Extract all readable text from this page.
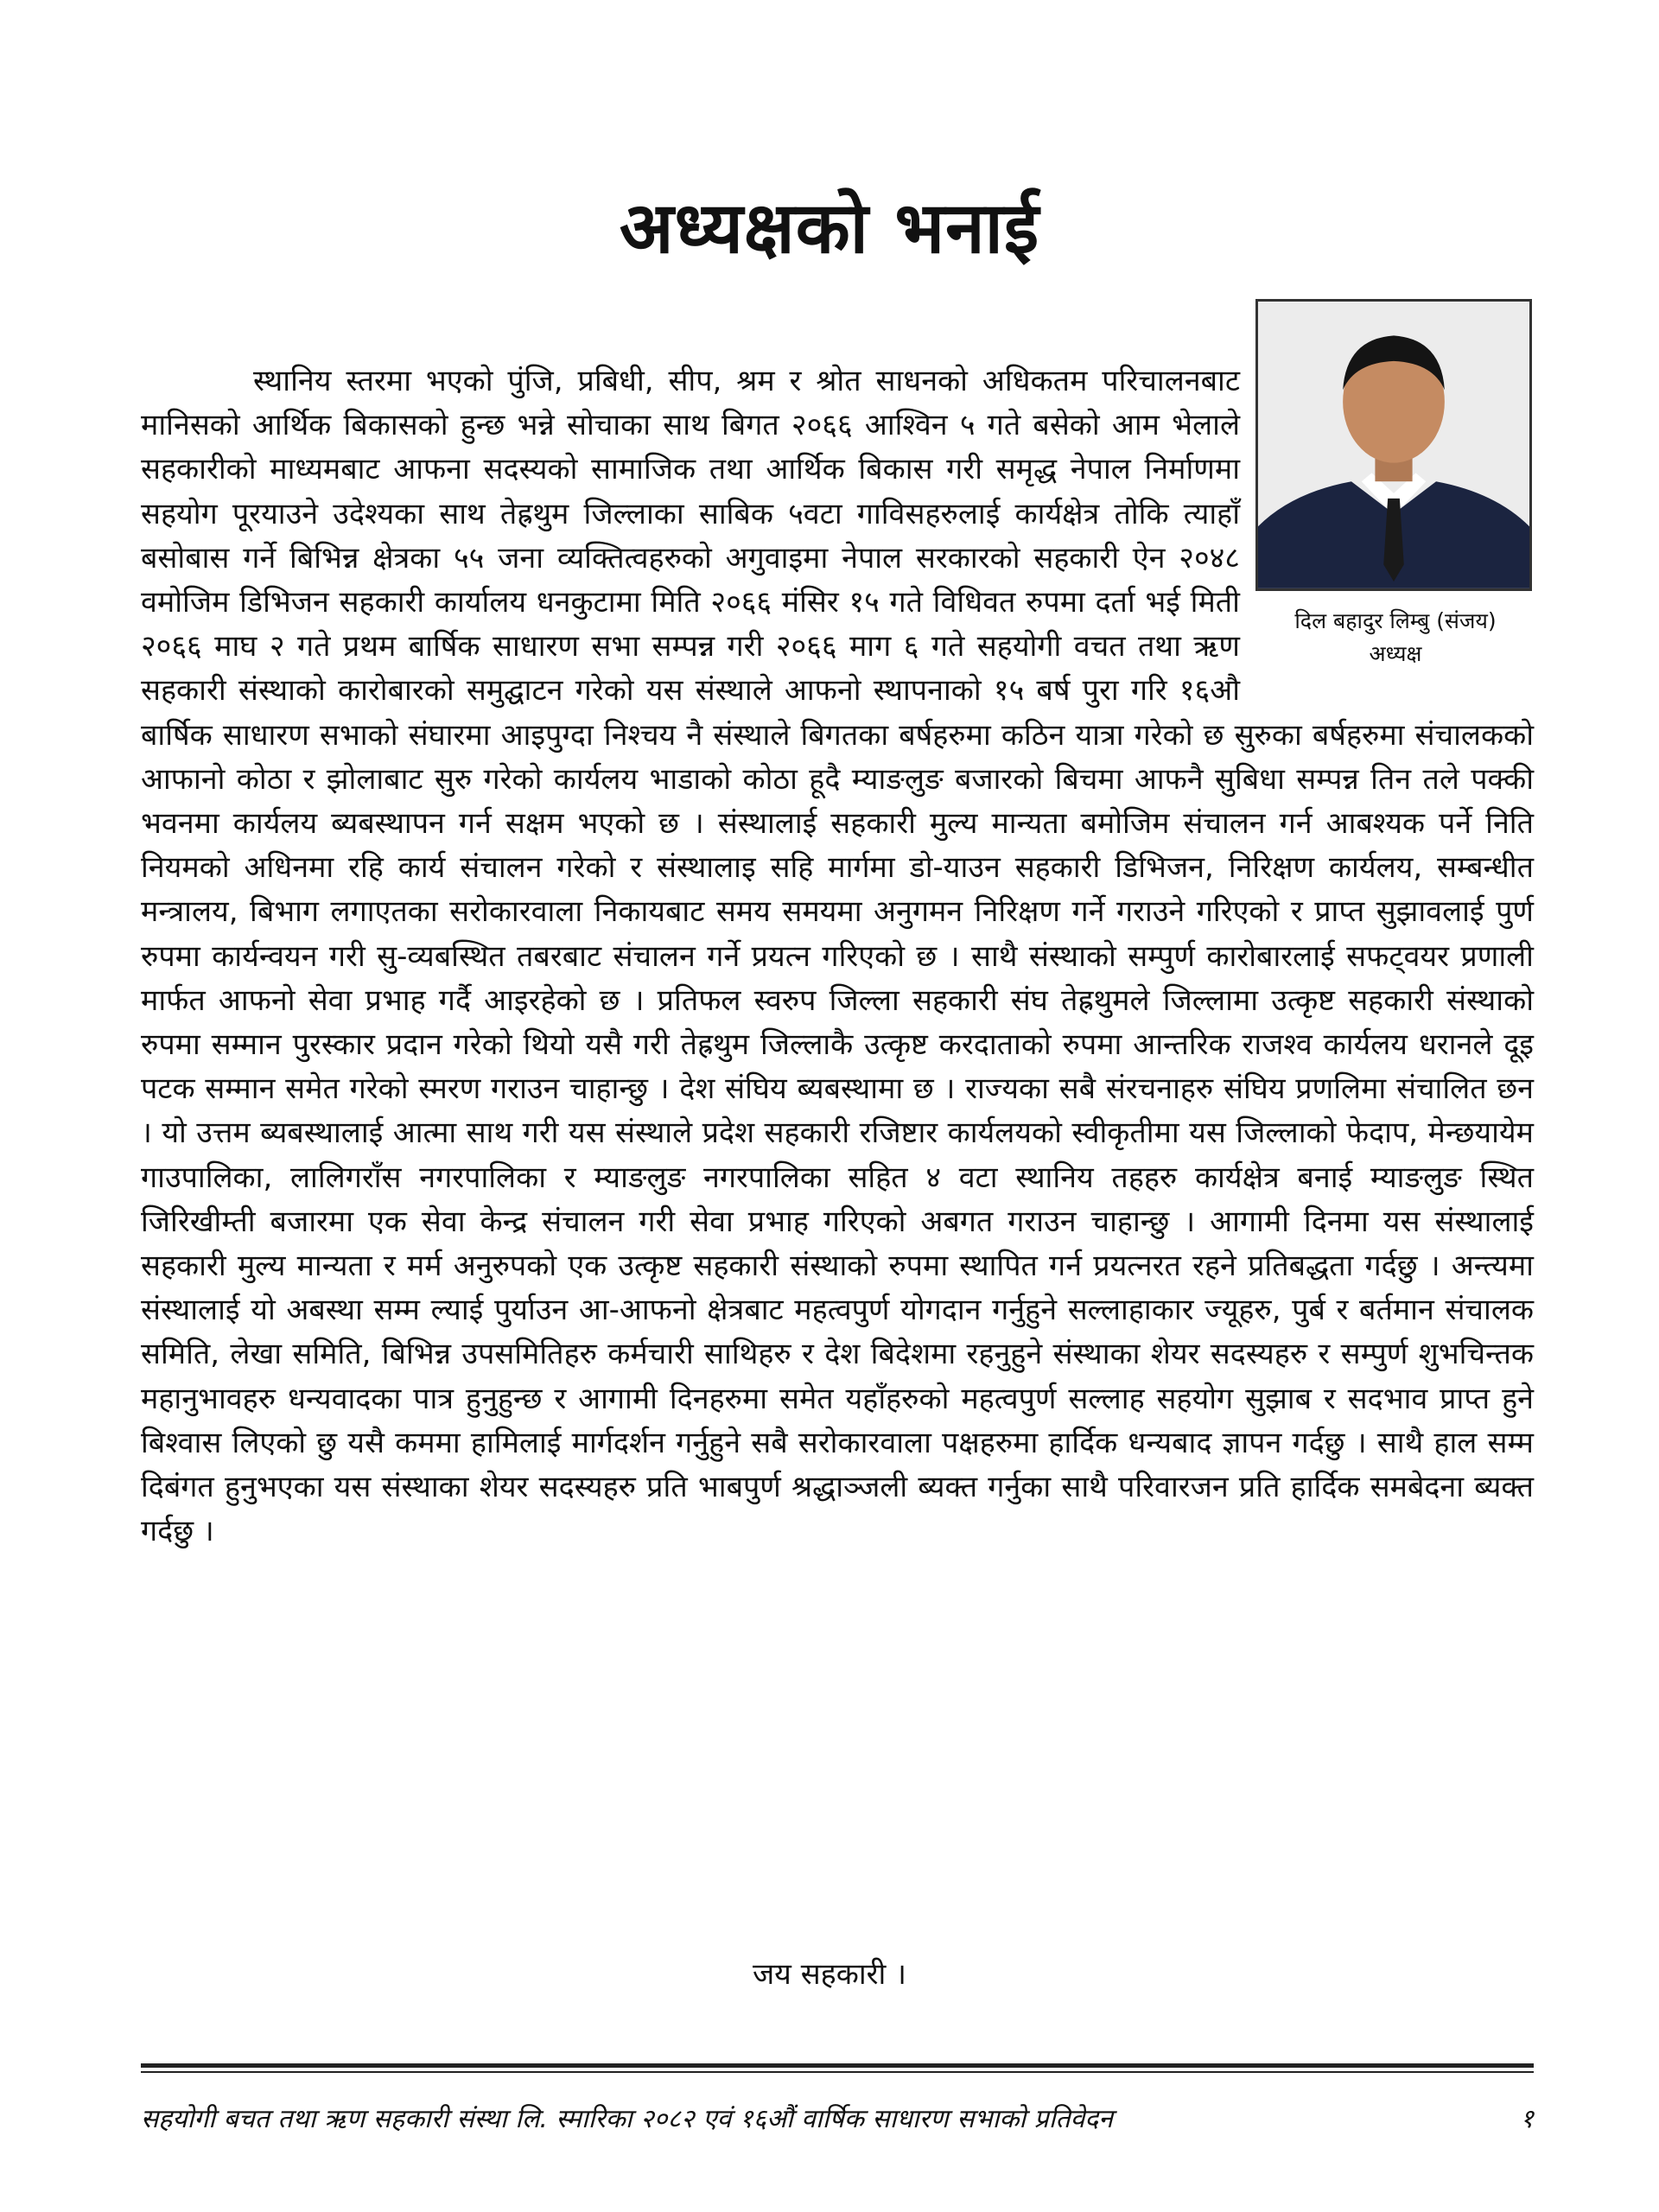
अध्यक्षको भनाई
दिल बहादुर लिम्बु (संजय)
अध्यक्ष

स्थानिय स्तरमा भएको पुंजि, प्रबिधी, सीप, श्रम र श्रोत साधनको अधिकतम परिचालनबाट मानिसको आर्थिक बिकासको हुन्छ भन्ने सोचाका साथ बिगत २०६६ आश्विन ५ गते बसेको आम भेलाले सहकारीको माध्यमबाट आफना सदस्यको सामाजिक तथा आर्थिक बिकास गरी समृद्ध नेपाल निर्माणमा सहयोग पूरयाउने उदेश्यका साथ तेह्रथुम जिल्लाका साबिक ५वटा गाविसहरुलाई कार्यक्षेत्र तोकि त्याहाँ बसोबास गर्ने बिभिन्न क्षेत्रका ५५ जना व्यक्तित्वहरुको अगुवाइमा नेपाल सरकारको सहकारी ऐन २०४८ वमोजिम डिभिजन सहकारी कार्यालय धनकुटामा मिति २०६६ मंसिर १५ गते विधिवत रुपमा दर्ता भई मिती २०६६ माघ २ गते प्रथम बार्षिक साधारण सभा सम्पन्न गरी २०६६ माग ६ गते सहयोगी वचत तथा ऋण सहकारी संस्थाको कारोबारको समुद्घाटन गरेको यस संस्थाले आफनो स्थापनाको १५ बर्ष पुरा गरि १६औ बार्षिक साधारण सभाको संघारमा आइपुग्दा निश्चय नै संस्थाले बिगतका बर्षहरुमा कठिन यात्रा गरेको छ सुरुका बर्षहरुमा संचालकको आफानो कोठा र झोलाबाट सुरु गरेको कार्यलय भाडाको कोठा हूदै म्याङलुङ बजारको बिचमा आफनै सुबिधा सम्पन्न तिन तले पक्की भवनमा कार्यलय ब्यबस्थापन गर्न सक्षम भएको छ । संस्थालाई सहकारी मुल्य मान्यता बमोजिम संचालन गर्न आबश्यक पर्ने निति नियमको अधिनमा रहि कार्य संचालन गरेको र संस्थालाइ सहि मार्गमा डो-याउन सहकारी डिभिजन, निरिक्षण कार्यलय, सम्बन्धीत मन्त्रालय, बिभाग लगाएतका सरोकारवाला निकायबाट समय समयमा अनुगमन निरिक्षण गर्ने गराउने गरिएको र प्राप्त सुझावलाई पुर्ण रुपमा कार्यन्वयन गरी सु-व्यबस्थित तबरबाट संचालन गर्ने प्रयत्न गरिएको छ । साथै संस्थाको सम्पुर्ण कारोबारलाई सफट्वयर प्रणाली मार्फत आफनो सेवा प्रभाह गर्दै आइरहेको छ । प्रतिफल स्वरुप जिल्ला सहकारी संघ तेह्रथुमले जिल्लामा उत्कृष्ट सहकारी संस्थाको रुपमा सम्मान पुरस्कार प्रदान गरेको थियो यसै गरी तेह्रथुम जिल्लाकै उत्कृष्ट करदाताको रुपमा आन्तरिक राजश्व कार्यलय धरानले दूइ पटक सम्मान समेत गरेको स्मरण गराउन चाहान्छु । देश संघिय ब्यबस्थामा छ । राज्यका सबै संरचनाहरु संघिय प्रणलिमा संचालित छन । यो उत्तम ब्यबस्थालाई आत्मा साथ गरी यस संस्थाले प्रदेश सहकारी रजिष्टार कार्यलयको स्वीकृतीमा यस जिल्लाको फेदाप, मेन्छयायेम गाउपालिका, लालिगराँस नगरपालिका र म्याङलुङ नगरपालिका सहित ४ वटा स्थानिय तहहरु कार्यक्षेत्र बनाई म्याङलुङ स्थित जिरिखीम्ती बजारमा एक सेवा केन्द्र संचालन गरी सेवा प्रभाह गरिएको अबगत गराउन चाहान्छु । आगामी दिनमा यस संस्थालाई सहकारी मुल्य मान्यता र मर्म अनुरुपको एक उत्कृष्ट सहकारी संस्थाको रुपमा स्थापित गर्न प्रयत्नरत रहने प्रतिबद्धता गर्दछु । अन्त्यमा संस्थालाई यो अबस्था सम्म ल्याई पुर्याउन आ-आफनो क्षेत्रबाट महत्वपुर्ण योगदान गर्नुहुने सल्लाहाकार ज्यूहरु, पुर्ब र बर्तमान संचालक समिति, लेखा समिति, बिभिन्न उपसमितिहरु कर्मचारी साथिहरु र देश बिदेशमा रहनुहुने संस्थाका शेयर सदस्यहरु र सम्पुर्ण शुभचिन्तक महानुभावहरु धन्यवादका पात्र हुनुहुन्छ र आगामी दिनहरुमा समेत यहाँहरुको महत्वपुर्ण सल्लाह सहयोग सुझाब र सदभाव प्राप्त हुने बिश्वास लिएको छु यसै कममा हामिलाई मार्गदर्शन गर्नुहुने सबै सरोकारवाला पक्षहरुमा हार्दिक धन्यबाद ज्ञापन गर्दछु । साथै हाल सम्म दिबंगत हुनुभएका यस संस्थाका शेयर सदस्यहरु प्रति भाबपुर्ण श्रद्धाञ्जली ब्यक्त गर्नुका साथै परिवारजन प्रति हार्दिक समबेदना ब्यक्त गर्दछु ।

जय सहकारी ।
सहयोगी बचत तथा ऋण सहकारी संस्था लि. स्मारिका २०८२ एवं १६औं वार्षिक साधारण सभाको प्रतिवेदन	१
